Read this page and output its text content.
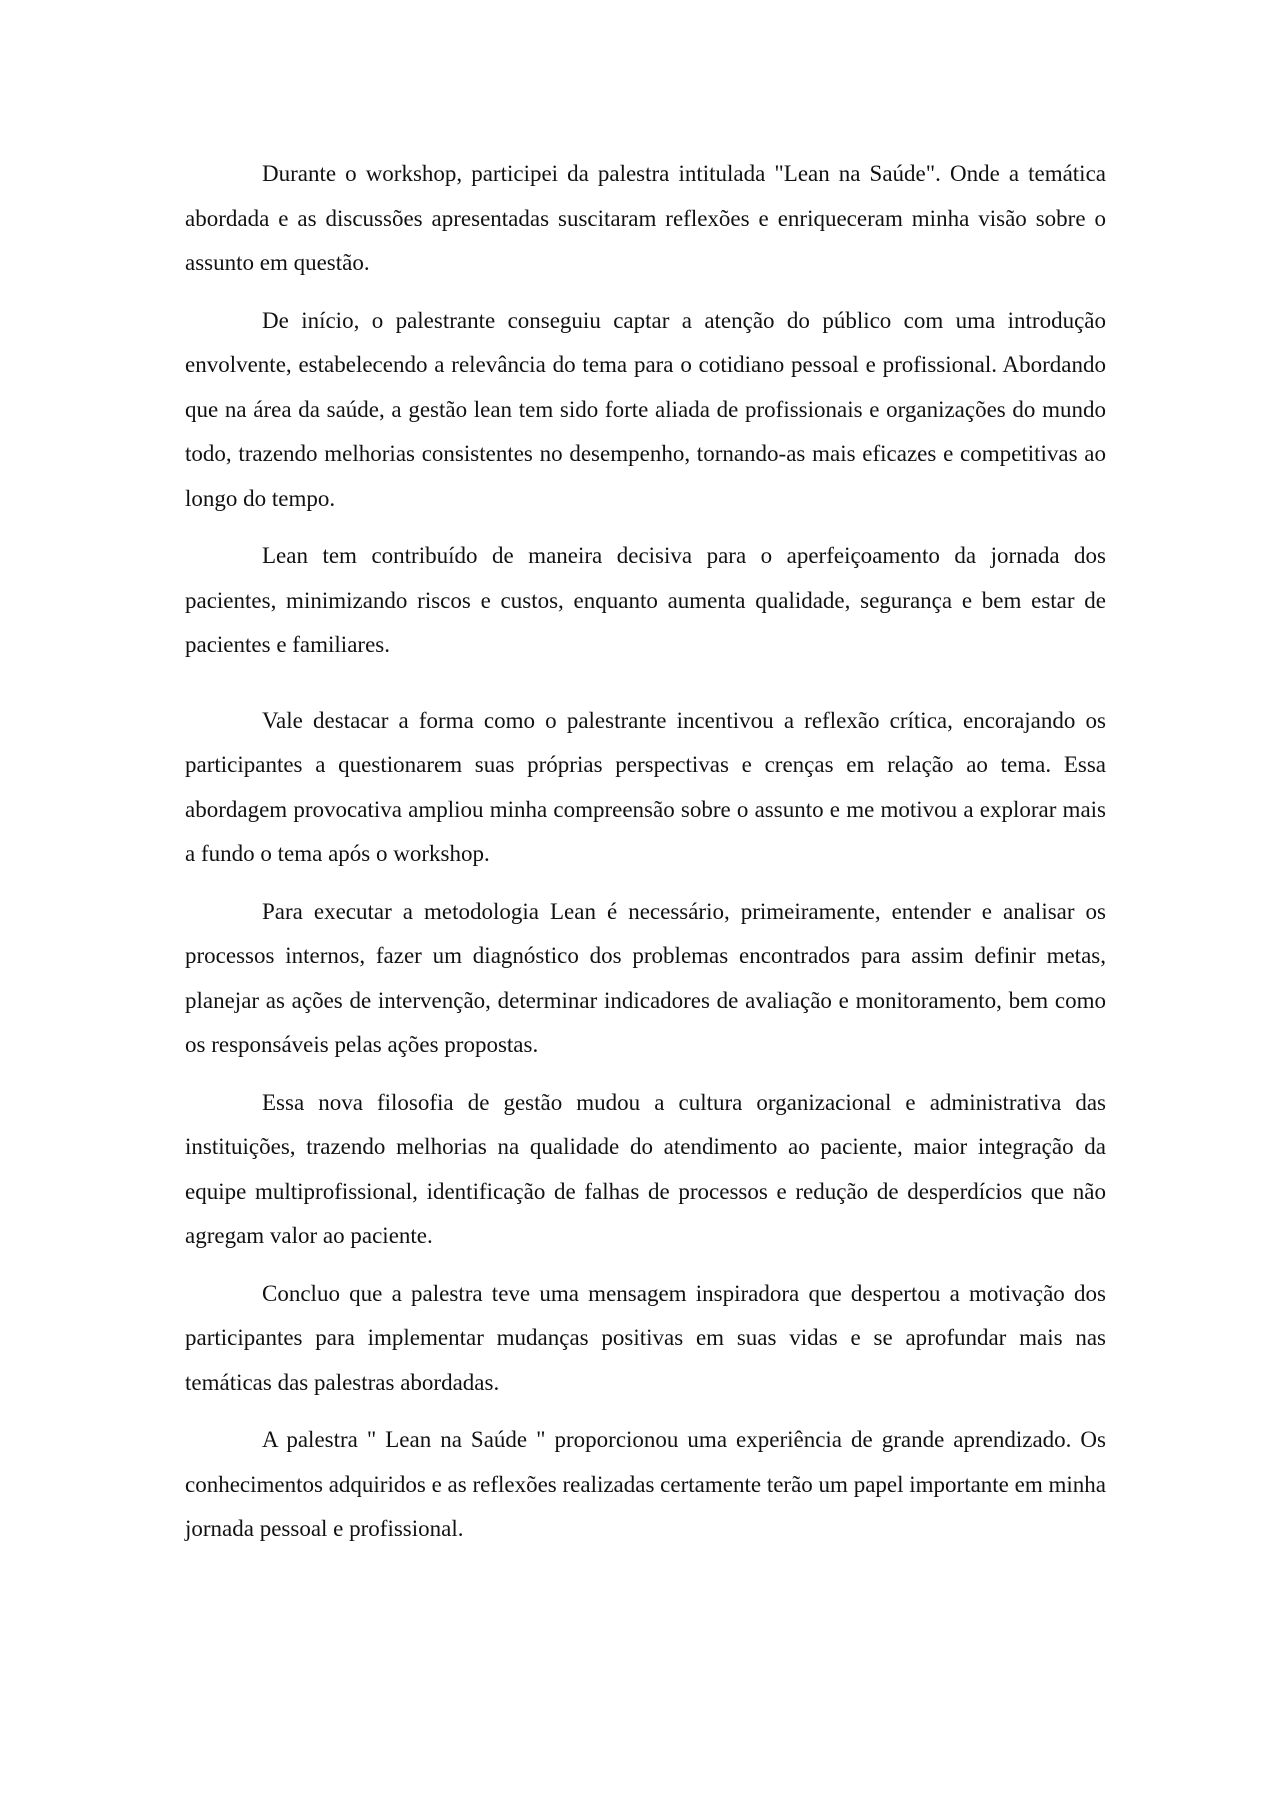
Durante o workshop, participei da palestra intitulada "Lean na Saúde". Onde a temática abordada e as discussões apresentadas suscitaram reflexões e enriqueceram minha visão sobre o assunto em questão.

De início, o palestrante conseguiu captar a atenção do público com uma introdução envolvente, estabelecendo a relevância do tema para o cotidiano pessoal e profissional. Abordando que na área da saúde, a gestão lean tem sido forte aliada de profissionais e organizações do mundo todo, trazendo melhorias consistentes no desempenho, tornando-as mais eficazes e competitivas ao longo do tempo.

Lean tem contribuído de maneira decisiva para o aperfeiçoamento da jornada dos pacientes, minimizando riscos e custos, enquanto aumenta qualidade, segurança e bem estar de pacientes e familiares.

Vale destacar a forma como o palestrante incentivou a reflexão crítica, encorajando os participantes a questionarem suas próprias perspectivas e crenças em relação ao tema. Essa abordagem provocativa ampliou minha compreensão sobre o assunto e me motivou a explorar mais a fundo o tema após o workshop.

Para executar a metodologia Lean é necessário, primeiramente, entender e analisar os processos internos, fazer um diagnóstico dos problemas encontrados para assim definir metas, planejar as ações de intervenção, determinar indicadores de avaliação e monitoramento, bem como os responsáveis pelas ações propostas.

Essa nova filosofia de gestão mudou a cultura organizacional e administrativa das instituições, trazendo melhorias na qualidade do atendimento ao paciente, maior integração da equipe multiprofissional, identificação de falhas de processos e redução de desperdícios que não agregam valor ao paciente.

Concluo que a palestra teve uma mensagem inspiradora que despertou a motivação dos participantes para implementar mudanças positivas em suas vidas e se aprofundar mais nas temáticas das palestras abordadas.

A palestra " Lean na Saúde " proporcionou uma experiência de grande aprendizado. Os conhecimentos adquiridos e as reflexões realizadas certamente terão um papel importante em minha jornada pessoal e profissional.
